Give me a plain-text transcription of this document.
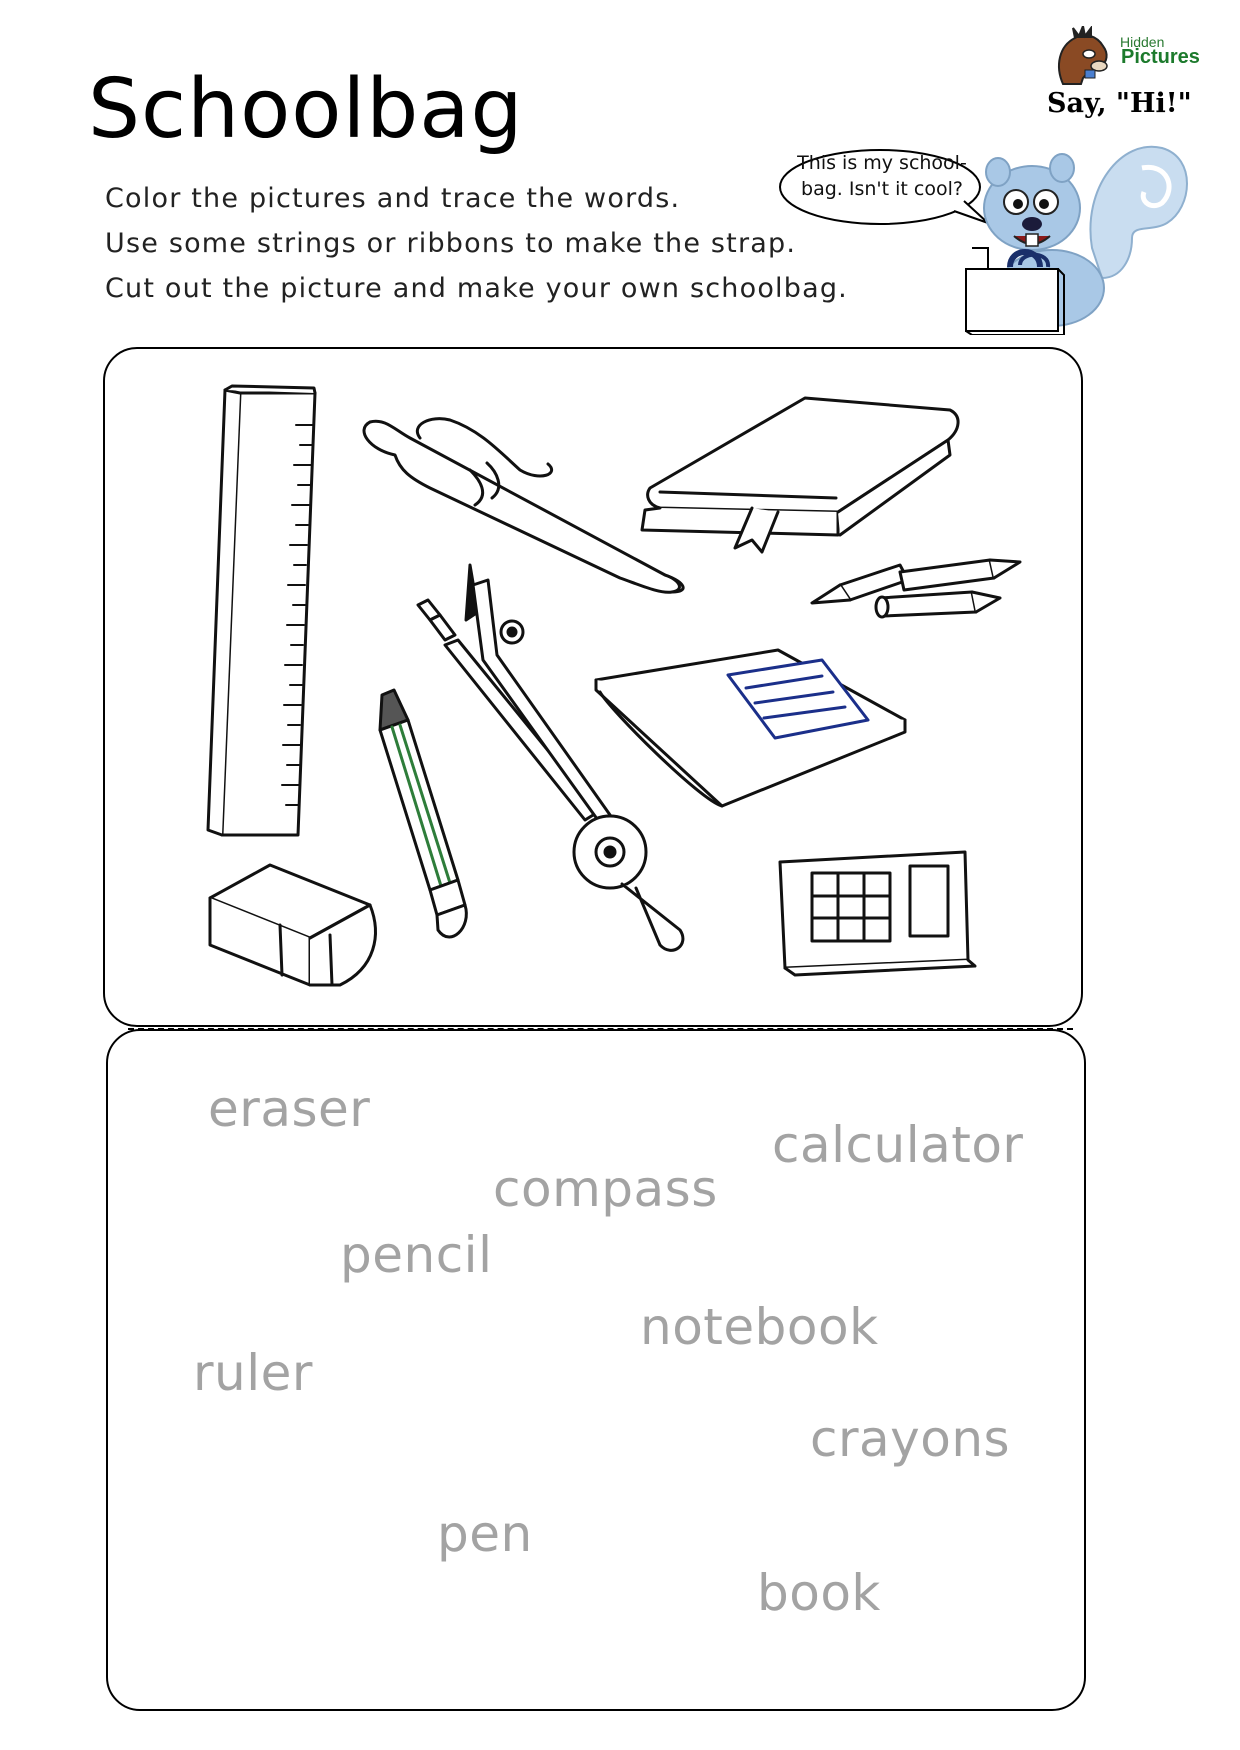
Schoolbag
Color the pictures and trace the words.
Use some strings or ribbons to make the strap.
Cut out the picture and make your own schoolbag.
Hidden
Pictures
Say, "Hi!"
This is my school-
bag. Isn't it cool?
eraser
calculator
compass
pencil
notebook
ruler
crayons
pen
book
